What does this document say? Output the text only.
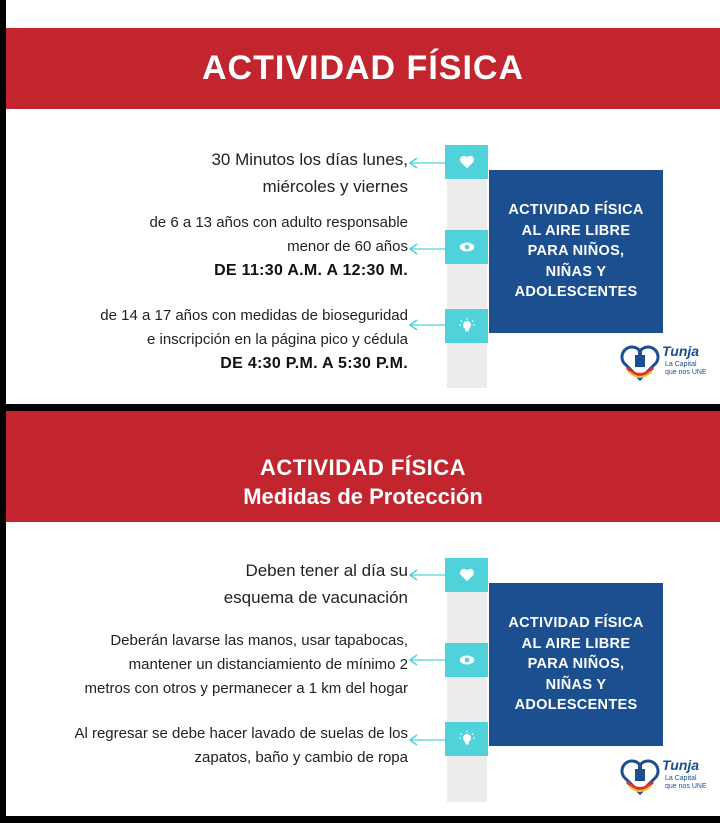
ACTIVIDAD FÍSICA
30 Minutos los días lunes,
miércoles y viernes
de 6 a 13 años con adulto responsable
menor de 60 años
DE 11:30 A.M. A 12:30 M.
de 14 a 17 años con medidas de bioseguridad
e inscripción en la página pico y cédula
DE 4:30 P.M. A 5:30 P.M.
ACTIVIDAD FÍSICA
AL AIRE LIBRE
PARA NIÑOS,
NIÑAS Y
ADOLESCENTES
Tunja
La Capital
que nos UNE
ACTIVIDAD FÍSICA
Medidas de Protección
Deben tener al día su
esquema de vacunación
Deberán lavarse las manos, usar tapabocas,
mantener un distanciamiento de mínimo 2
metros con otros y permanecer a 1 km del hogar
Al regresar se debe hacer lavado de suelas de los
zapatos, baño y cambio de ropa
ACTIVIDAD FÍSICA
AL AIRE LIBRE
PARA NIÑOS,
NIÑAS Y
ADOLESCENTES
Tunja
La Capital
que nos UNE
